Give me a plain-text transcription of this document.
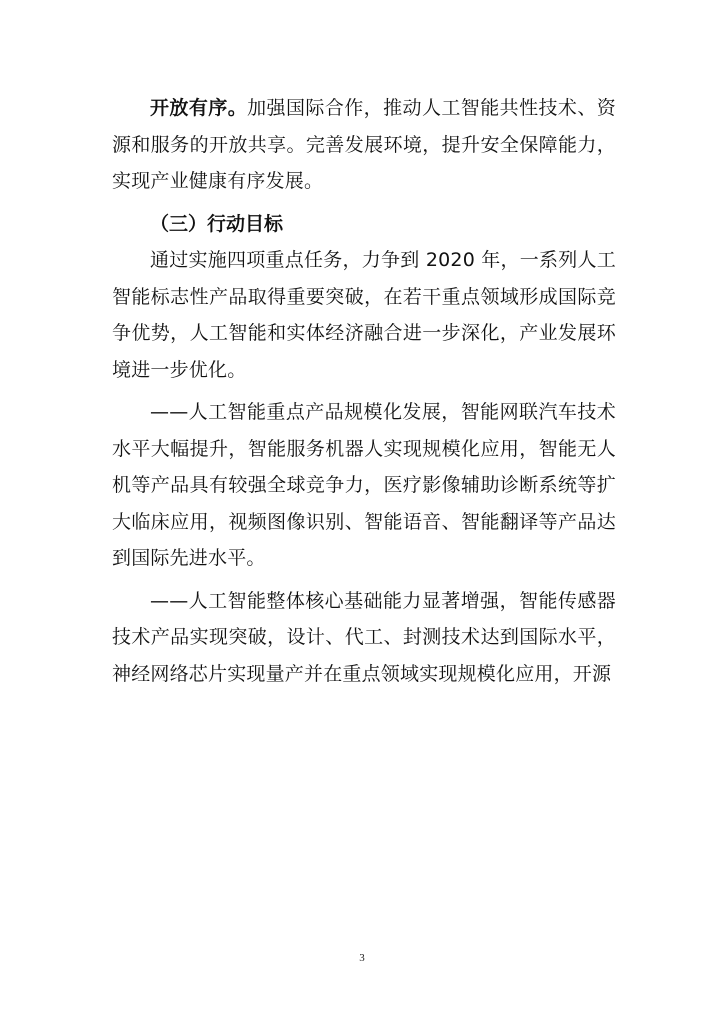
开放有序。加强国际合作，推动人工智能共性技术、资源和服务的开放共享。完善发展环境，提升安全保障能力，实现产业健康有序发展。

（三）行动目标

通过实施四项重点任务，力争到 2020 年，一系列人工智能标志性产品取得重要突破，在若干重点领域形成国际竞争优势，人工智能和实体经济融合进一步深化，产业发展环境进一步优化。

——人工智能重点产品规模化发展，智能网联汽车技术水平大幅提升，智能服务机器人实现规模化应用，智能无人机等产品具有较强全球竞争力，医疗影像辅助诊断系统等扩大临床应用，视频图像识别、智能语音、智能翻译等产品达到国际先进水平。

——人工智能整体核心基础能力显著增强，智能传感器技术产品实现突破，设计、代工、封测技术达到国际水平，神经网络芯片实现量产并在重点领域实现规模化应用，开源

3
